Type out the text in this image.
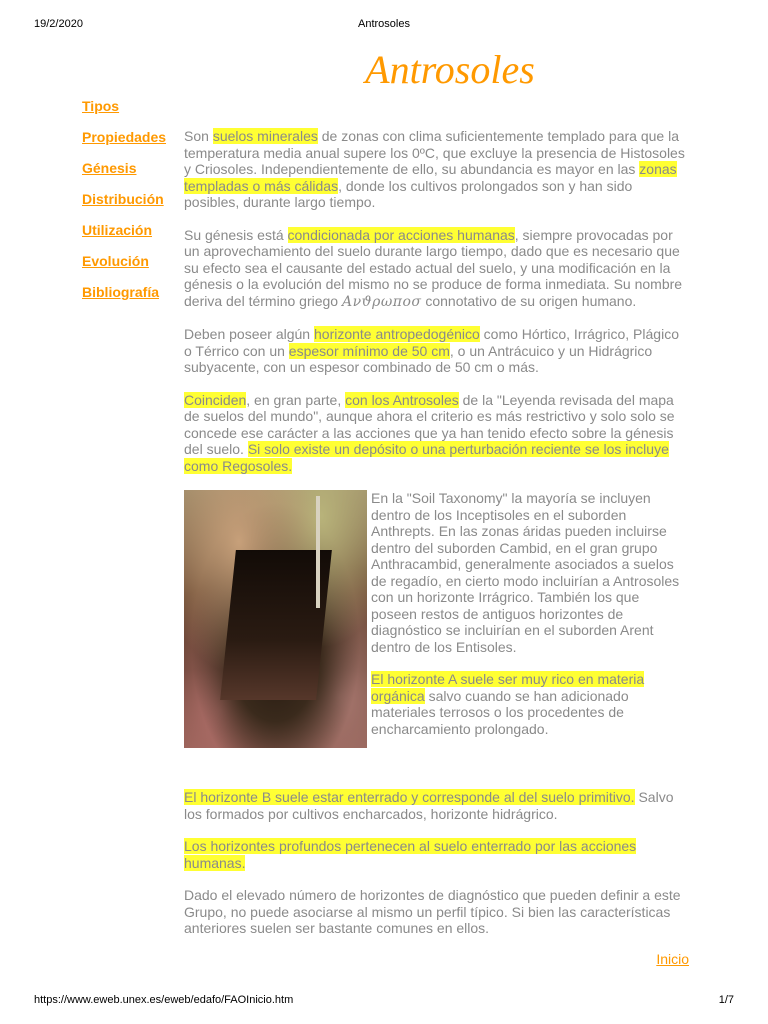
19/2/2020	Antrosoles
Antrosoles
Tipos
Propiedades
Génesis
Distribución
Utilización
Evolución
Bibliografía

Son suelos minerales de zonas con clima suficientemente templado para que la temperatura media anual supere los 0ºC, que excluye la presencia de Histosoles y Criosoles. Independientemente de ello, su abundancia es mayor en las zonas templadas o más cálidas, donde los cultivos prolongados son y han sido posibles, durante largo tiempo.

Su génesis está condicionada por acciones humanas, siempre provocadas por un aprovechamiento del suelo durante largo tiempo, dado que es necesario que su efecto sea el causante del estado actual del suelo, y una modificación en la génesis o la evolución del mismo no se produce de forma inmediata. Su nombre deriva del término griego Ανϑρωποσ connotativo de su origen humano.

Deben poseer algún horizonte antropedogénico como Hórtico, Irrágrico, Plágico o Térrico con un espesor mínimo de 50 cm, o un Antrácuico y un Hidrágrico subyacente, con un espesor combinado de 50 cm o más.

Coinciden, en gran parte, con los Antrosoles de la "Leyenda revisada del mapa de suelos del mundo", aunque ahora el criterio es más restrictivo y solo solo se concede ese carácter a las acciones que ya han tenido efecto sobre la génesis del suelo. Si solo existe un depósito o una perturbación reciente se los incluye como Regosoles.

En la "Soil Taxonomy" la mayoría se incluyen dentro de los Inceptisoles en el suborden Anthrepts. En las zonas áridas pueden incluirse dentro del suborden Cambid, en el gran grupo Anthracambid, generalmente asociados a suelos de regadío, en cierto modo incluirían a Antrosoles con un horizonte Irrágrico. También los que poseen restos de antiguos horizontes de diagnóstico se incluirían en el suborden Arent dentro de los Entisoles.

El horizonte A suele ser muy rico en materia orgánica salvo cuando se han adicionado materiales terrosos o los procedentes de encharcamiento prolongado.

El horizonte B suele estar enterrado y corresponde al del suelo primitivo. Salvo los formados por cultivos encharcados, horizonte hidrágrico.

Los horizontes profundos pertenecen al suelo enterrado por las acciones humanas.

Dado el elevado número de horizontes de diagnóstico que pueden definir a este Grupo, no puede asociarse al mismo un perfil típico. Si bien las características anteriores suelen ser bastante comunes en ellos.

Inicio
https://www.eweb.unex.es/eweb/edafo/FAOInicio.htm	1/7
